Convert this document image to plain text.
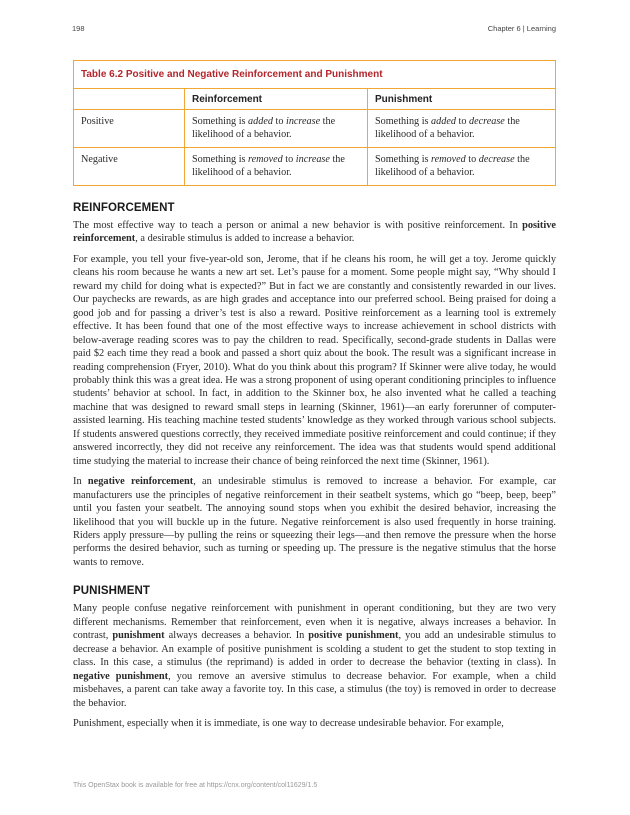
198	Chapter 6 | Learning
Table 6.2 Positive and Negative Reinforcement and Punishment		
	Reinforcement	Punishment
Positive	Something is added to increase the likelihood of a behavior.	Something is added to decrease the likelihood of a behavior.
Negative	Something is removed to increase the likelihood of a behavior.	Something is removed to decrease the likelihood of a behavior.
REINFORCEMENT

The most effective way to teach a person or animal a new behavior is with positive reinforcement. In positive reinforcement, a desirable stimulus is added to increase a behavior.

For example, you tell your five-year-old son, Jerome, that if he cleans his room, he will get a toy. Jerome quickly cleans his room because he wants a new art set. Let’s pause for a moment. Some people might say, “Why should I reward my child for doing what is expected?” But in fact we are constantly and consistently rewarded in our lives. Our paychecks are rewards, as are high grades and acceptance into our preferred school. Being praised for doing a good job and for passing a driver’s test is also a reward. Positive reinforcement as a learning tool is extremely effective. It has been found that one of the most effective ways to increase achievement in school districts with below-average reading scores was to pay the children to read. Specifically, second-grade students in Dallas were paid $2 each time they read a book and passed a short quiz about the book. The result was a significant increase in reading comprehension (Fryer, 2010). What do you think about this program? If Skinner were alive today, he would probably think this was a great idea. He was a strong proponent of using operant conditioning principles to influence students’ behavior at school. In fact, in addition to the Skinner box, he also invented what he called a teaching machine that was designed to reward small steps in learning (Skinner, 1961)—an early forerunner of computer-assisted learning. His teaching machine tested students’ knowledge as they worked through various school subjects. If students answered questions correctly, they received immediate positive reinforcement and could continue; if they answered incorrectly, they did not receive any reinforcement. The idea was that students would spend additional time studying the material to increase their chance of being reinforced the next time (Skinner, 1961).

In negative reinforcement, an undesirable stimulus is removed to increase a behavior. For example, car manufacturers use the principles of negative reinforcement in their seatbelt systems, which go “beep, beep, beep” until you fasten your seatbelt. The annoying sound stops when you exhibit the desired behavior, increasing the likelihood that you will buckle up in the future. Negative reinforcement is also used frequently in horse training. Riders apply pressure—by pulling the reins or squeezing their legs—and then remove the pressure when the horse performs the desired behavior, such as turning or speeding up. The pressure is the negative stimulus that the horse wants to remove.

PUNISHMENT

Many people confuse negative reinforcement with punishment in operant conditioning, but they are two very different mechanisms. Remember that reinforcement, even when it is negative, always increases a behavior. In contrast, punishment always decreases a behavior. In positive punishment, you add an undesirable stimulus to decrease a behavior. An example of positive punishment is scolding a student to get the student to stop texting in class. In this case, a stimulus (the reprimand) is added in order to decrease the behavior (texting in class). In negative punishment, you remove an aversive stimulus to decrease behavior. For example, when a child misbehaves, a parent can take away a favorite toy. In this case, a stimulus (the toy) is removed in order to decrease the behavior.

Punishment, especially when it is immediate, is one way to decrease undesirable behavior. For example,

This OpenStax book is available for free at https://cnx.org/content/col11629/1.5
